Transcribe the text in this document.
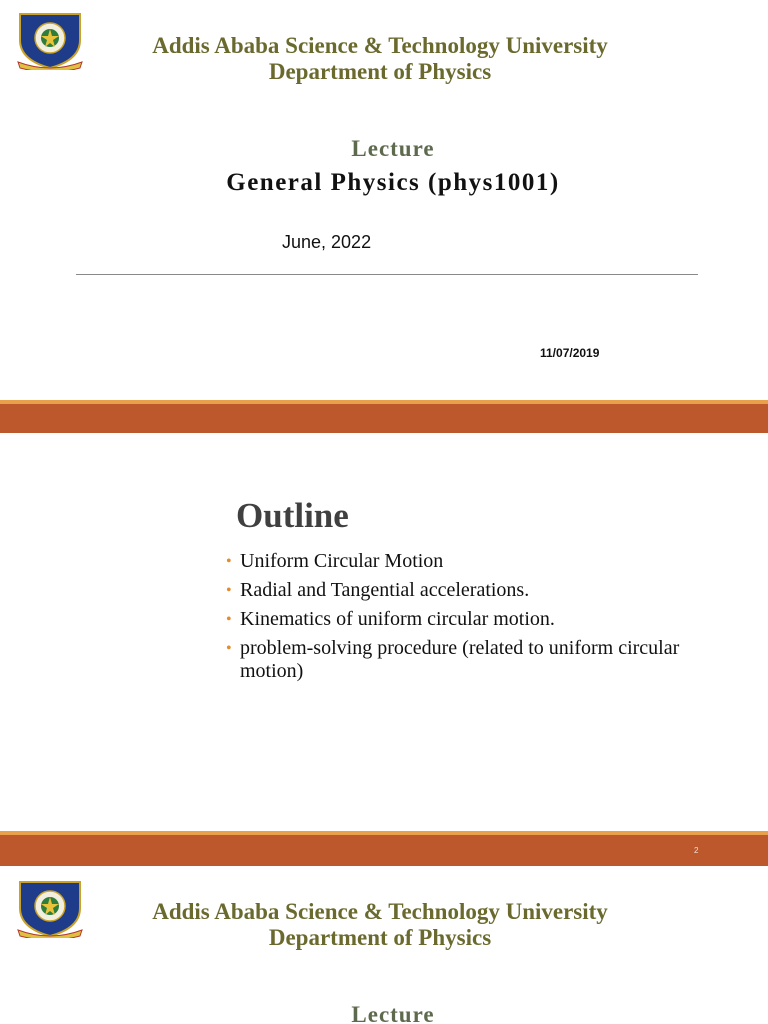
Addis Ababa Science & Technology University
Department of Physics
Lecture
General Physics (phys1001)
June, 2022
11/07/2019
Outline
• Uniform Circular Motion
• Radial and Tangential accelerations.
• Kinematics of uniform circular motion.
• problem-solving procedure (related to uniform circular motion)
2
Addis Ababa Science & Technology University
Department of Physics
Lecture
